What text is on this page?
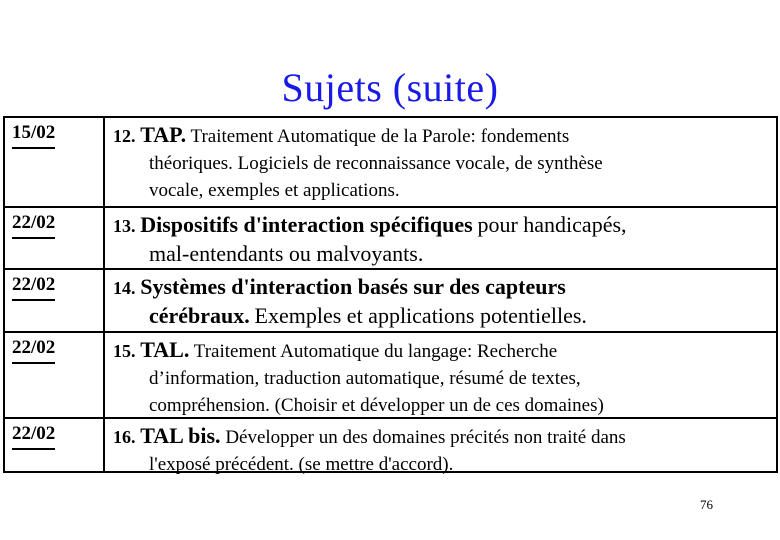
Sujets (suite)
15/02	12. TAP. Traitement Automatique de la Parole: fondements
théoriques. Logiciels de reconnaissance vocale, de synthèse
vocale, exemples et applications.
22/02	13. Dispositifs d'interaction spécifiques pour handicapés,
mal-entendants ou malvoyants.
22/02	14. Systèmes d'interaction basés sur des capteurs
cérébraux. Exemples et applications potentielles.
22/02	15. TAL. Traitement Automatique du langage: Recherche
d’information, traduction automatique, résumé de textes,
compréhension. (Choisir et développer un de ces domaines)
22/02	16. TAL bis. Développer un des domaines précités non traité dans
l'exposé précédent. (se mettre d'accord).
76
